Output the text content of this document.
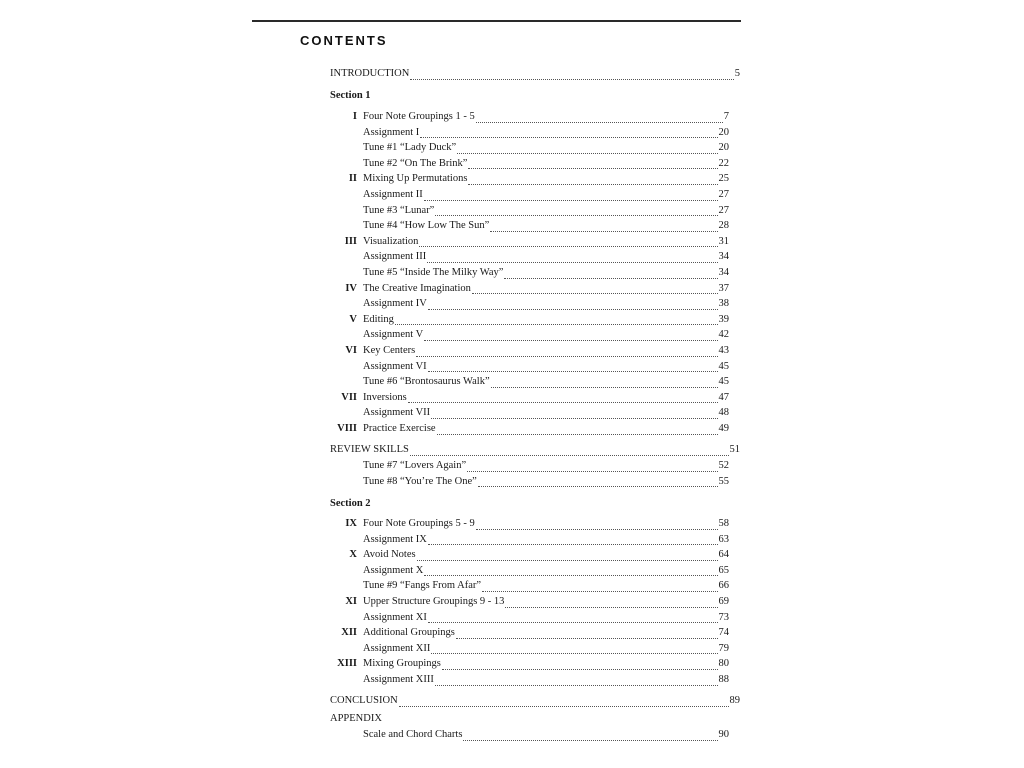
CONTENTS
INTRODUCTION	5
Section 1
I Four Note Groupings 1 - 5	7
Assignment I	20
Tune #1 “Lady Duck”	20
Tune #2 “On The Brink”	22
II Mixing Up Permutations	25
Assignment II	27
Tune #3 “Lunar”	27
Tune #4 “How Low The Sun”	28
III Visualization	31
Assignment III	34
Tune #5 “Inside The Milky Way”	34
IV The Creative Imagination	37
Assignment IV	38
V Editing	39
Assignment V	42
VI Key Centers	43
Assignment VI	45
Tune #6 “Brontosaurus Walk”	45
VII Inversions	47
Assignment VII	48
VIII Practice Exercise	49
REVIEW SKILLS	51
Tune #7 “Lovers Again”	52
Tune #8 “You’re The One”	55
Section 2
IX Four Note Groupings 5 - 9	58
Assignment IX	63
X Avoid Notes	64
Assignment X	65
Tune #9 “Fangs From Afar”	66
XI Upper Structure Groupings 9 - 13	69
Assignment XI	73
XII Additional Groupings	74
Assignment XII	79
XIII Mixing Groupings	80
Assignment XIII	88
CONCLUSION	89
APPENDIX
Scale and Chord Charts	90
